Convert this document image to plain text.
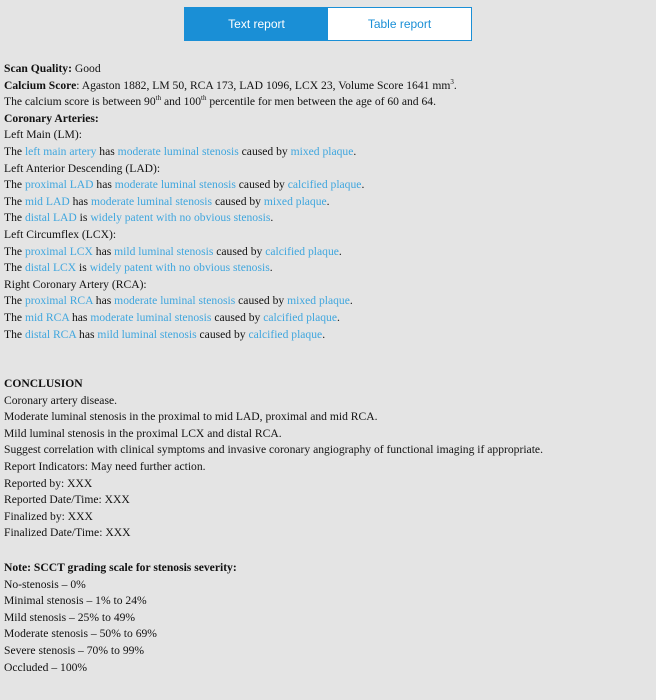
Text report	Table report
Scan Quality: Good
Calcium Score: Agaston 1882, LM 50, RCA 173, LAD 1096, LCX 23, Volume Score 1641 $mm^3$.
The calcium score is between 90th and 100th percentile for men between the age of 60 and 64.
Coronary Arteries:
Left Main (LM):
The left main artery has moderate luminal stenosis caused by mixed plaque.
Left Anterior Descending (LAD):
The proximal LAD has moderate luminal stenosis caused by calcified plaque.
The mid LAD has moderate luminal stenosis caused by mixed plaque.
The distal LAD is widely patent with no obvious stenosis.
Left Circumflex (LCX):
The proximal LCX has mild luminal stenosis caused by calcified plaque.
The distal LCX is widely patent with no obvious stenosis.
Right Coronary Artery (RCA):
The proximal RCA has moderate luminal stenosis caused by mixed plaque.
The mid RCA has moderate luminal stenosis caused by calcified plaque.
The distal RCA has mild luminal stenosis caused by calcified plaque.
CONCLUSION
Coronary artery disease.
Moderate luminal stenosis in the proximal to mid LAD, proximal and mid RCA.
Mild luminal stenosis in the proximal LCX and distal RCA.
Suggest correlation with clinical symptoms and invasive coronary angiography of functional imaging if appropriate.
Report Indicators: May need further action.
Reported by: XXX
Reported Date/Time: XXX
Finalized by: XXX
Finalized Date/Time: XXX
Note: SCCT grading scale for stenosis severity:
No-stenosis – 0%
Minimal stenosis – 1% to 24%
Mild stenosis – 25% to 49%
Moderate stenosis – 50% to 69%
Severe stenosis – 70% to 99%
Occluded – 100%
